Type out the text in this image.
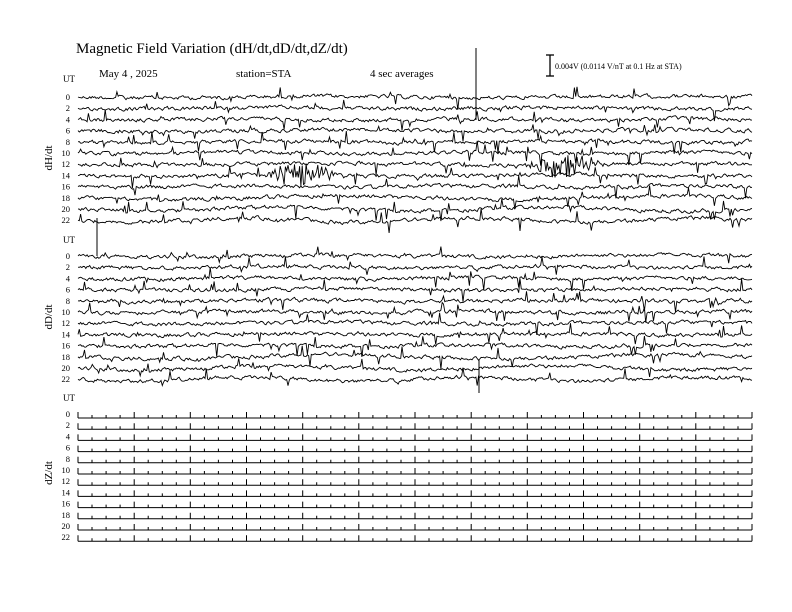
Magnetic Field Variation (dH/dt,dD/dt,dZ/dt)
May 4 , 2025	station=STA	4 sec averages
0.004V (0.0114 V/nT at 0.1 Hz at STA)
UT
dH/dt
0
2
4
6
8
10
12
14
16
18
20
22
UT
dD/dt
0
2
4
6
8
10
12
14
16
18
20
22
UT
dZ/dt
0
2
4
6
8
10
12
14
16
18
20
22
